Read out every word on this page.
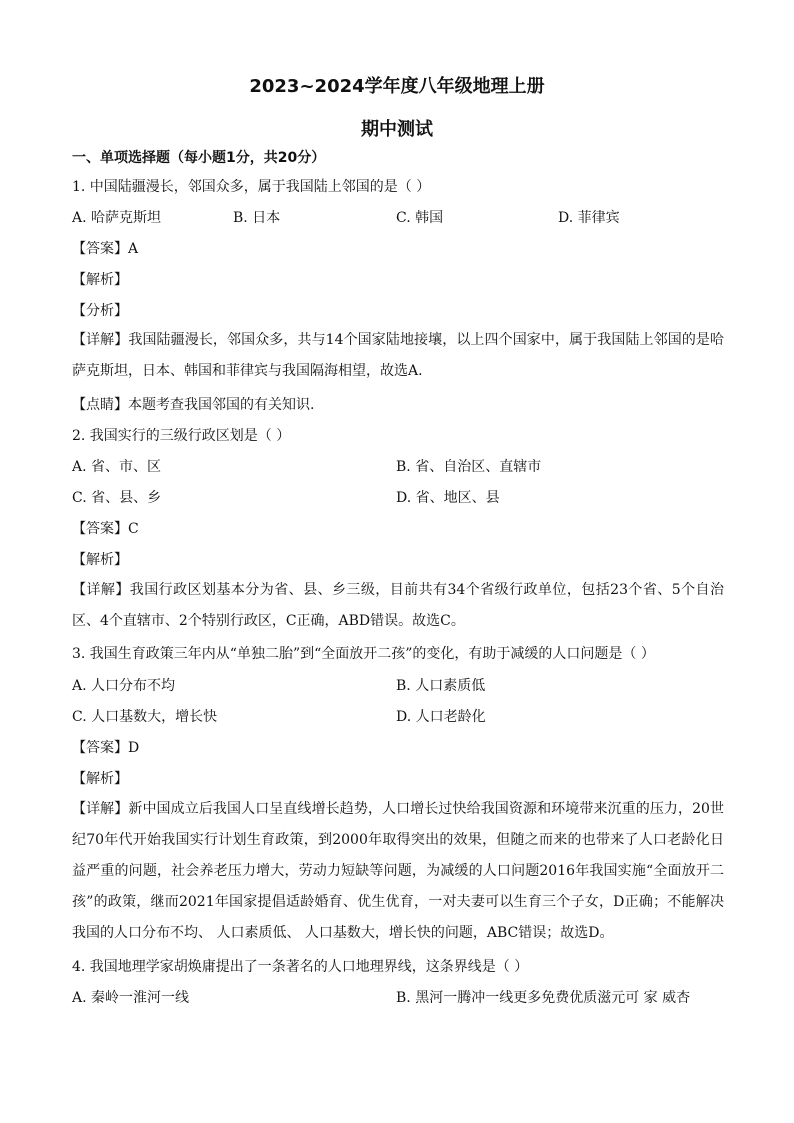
2023~2024学年度八年级地理上册
期中测试
一、单项选择题（每小题1分，共20分）
1. 中国陆疆漫长，邻国众多，属于我国陆上邻国的是（ ）
A. 哈萨克斯坦	B. 日本	C. 韩国	D. 菲律宾
【答案】A
【解析】
【分析】
【详解】我国陆疆漫长，邻国众多，共与14个国家陆地接壤，以上四个国家中，属于我国陆上邻国的是哈萨克斯坦，日本、韩国和菲律宾与我国隔海相望，故选A.
【点睛】本题考查我国邻国的有关知识.
2. 我国实行的三级行政区划是（ ）
A. 省、市、区	B. 省、自治区、直辖市
C. 省、县、乡	D. 省、地区、县
【答案】C
【解析】
【详解】我国行政区划基本分为省、县、乡三级，目前共有34个省级行政单位，包括23个省、5个自治区、4个直辖市、2个特别行政区，C正确，ABD错误。故选C。
3. 我国生育政策三年内从“单独二胎”到“全面放开二孩”的变化，有助于减缓的人口问题是（ ）
A. 人口分布不均	B. 人口素质低
C. 人口基数大，增长快	D. 人口老龄化
【答案】D
【解析】
【详解】新中国成立后我国人口呈直线增长趋势，人口增长过快给我国资源和环境带来沉重的压力，20世纪70年代开始我国实行计划生育政策，到2000年取得突出的效果，但随之而来的也带来了人口老龄化日益严重的问题，社会养老压力增大，劳动力短缺等问题，为减缓的人口问题2016年我国实施“全面放开二孩”的政策，继而2021年国家提倡适龄婚育、优生优育，一对夫妻可以生育三个子女，D正确；不能解决我国的人口分布不均、 人口素质低、 人口基数大，增长快的问题，ABC错误；故选D。
4. 我国地理学家胡焕庸提出了一条著名的人口地理界线，这条界线是（ ）
A. 秦岭一淮河一线	B. 黑河一腾冲一线更多免费优质滋元可 家 威杏
